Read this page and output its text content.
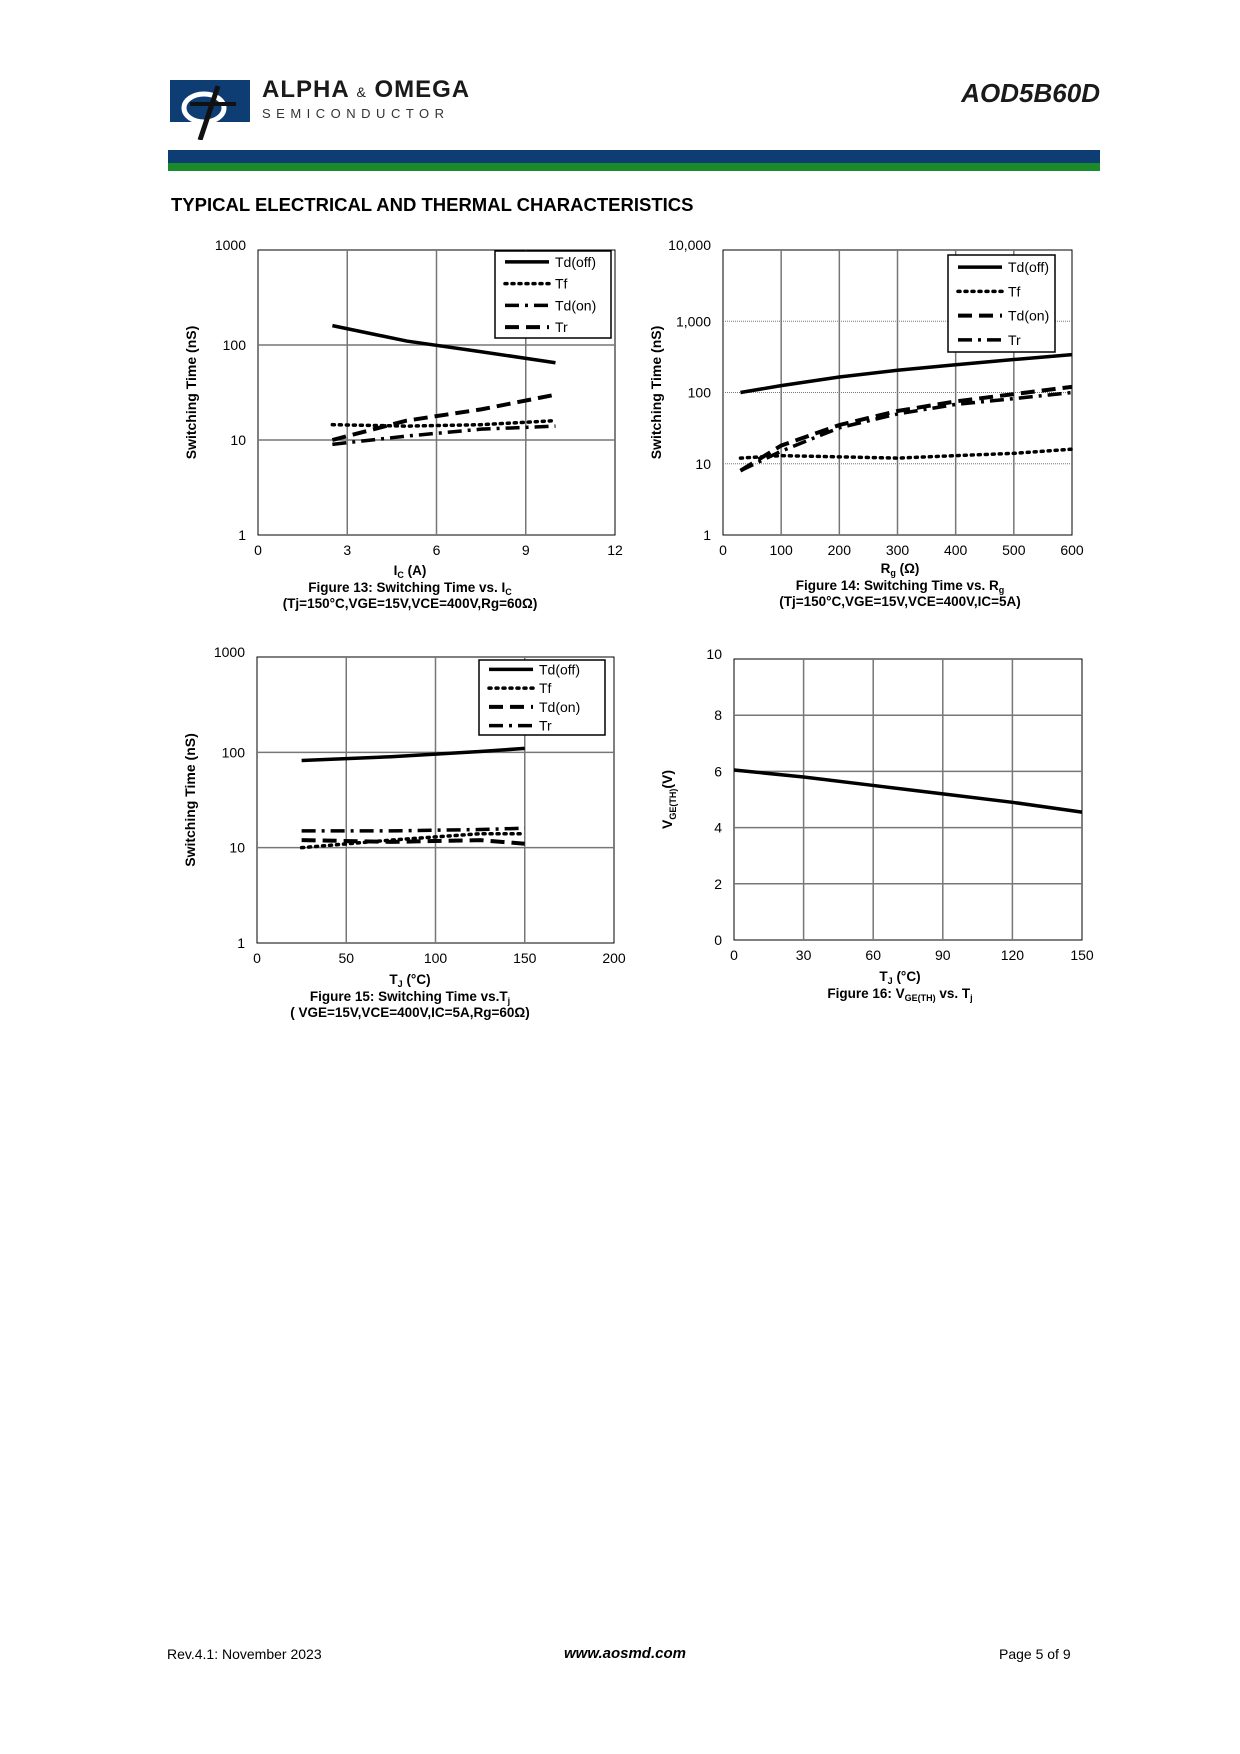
ALPHA & OMEGA
SEMICONDUCTOR
AOD5B60D
TYPICAL ELECTRICAL AND THERMAL CHARACTERISTICS
0	3	6	9	12
1
10
100
1000
Switching Time (nS)
Td(off)
Tf
Td(on)
Tr
0	100 200 300 400 500 600
1
10
100
1,000
10,000
Switching Time (nS)
Td(off)
Tf
Td(on)
Tr
0	50	100	150	200
1
10
100
1000
Switching Time (nS)
Td(off)
Tf
Td(on)
Tr
0	30	60	90	120	150
0
2
4
6
8
10
$V_{GE(TH)}(V)$
$I_C$ (A)
Figure 13: Switching Time vs. $I_C$
(Tj=150°C,VGE=15V,VCE=400V,Rg=60Ω)
$R_g$ (Ω)
Figure 14: Switching Time vs. $R_g$
(Tj=150°C,VGE=15V,VCE=400V,IC=5A)
$T_J$ (°C)
Figure 15: Switching Time $vs.T_j$
( VGE=15V,VCE=400V,IC=5A,Rg=60Ω)
$T_J$ (°C)
Figure 16: $V_{GE(TH)}$ vs. $T_j$
Rev.4.1: November 2023	www.aosmd.com	Page 5 of 9
